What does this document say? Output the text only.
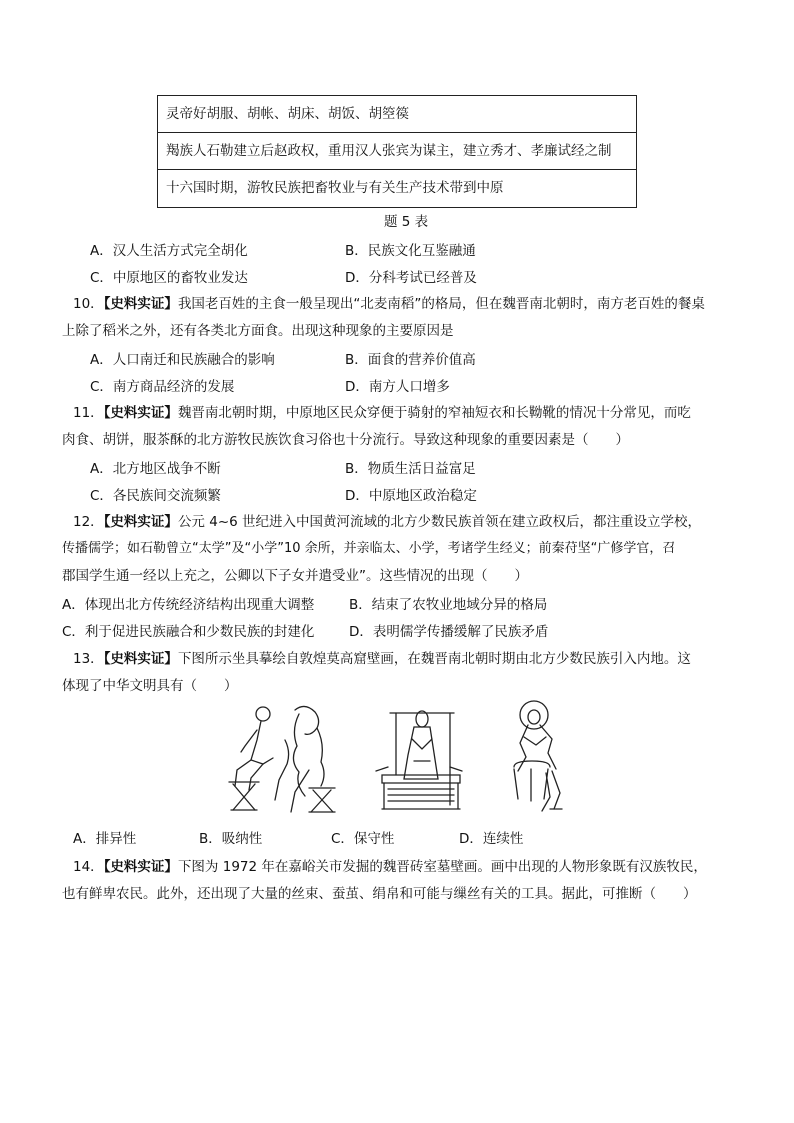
灵帝好胡服、胡帐、胡床、胡饭、胡箜篌
羯族人石勒建立后赵政权，重用汉人张宾为谋主，建立秀才、孝廉试经之制
十六国时期，游牧民族把畜牧业与有关生产技术带到中原
题 5 表
A．汉人生活方式完全胡化	B．民族文化互鉴融通
C．中原地区的畜牧业发达	D．分科考试已经普及
10．【史料实证】我国老百姓的主食一般呈现出“北麦南稻”的格局，但在魏晋南北朝时，南方老百姓的餐桌
上除了稻米之外，还有各类北方面食。出现这种现象的主要原因是
A．人口南迁和民族融合的影响	B．面食的营养价值高
C．南方商品经济的发展	D．南方人口增多
11．【史料实证】魏晋南北朝时期，中原地区民众穿便于骑射的窄袖短衣和长靿靴的情况十分常见，而吃
肉食、胡饼，服茶酥的北方游牧民族饮食习俗也十分流行。导致这种现象的重要因素是（　　）
A．北方地区战争不断	B．物质生活日益富足
C．各民族间交流频繁	D．中原地区政治稳定
12．【史料实证】公元 4~6 世纪进入中国黄河流域的北方少数民族首领在建立政权后，都注重设立学校，
传播儒学；如石勒曾立“太学”及“小学”10 余所，并亲临太、小学，考诸学生经义；前秦苻坚“广修学官，召
郡国学生通一经以上充之，公卿以下子女并遣受业”。这些情况的出现（　　）
A．体现出北方传统经济结构出现重大调整	B．结束了农牧业地域分异的格局
C．利于促进民族融合和少数民族的封建化	D．表明儒学传播缓解了民族矛盾
13．【史料实证】下图所示坐具摹绘自敦煌莫高窟壁画，在魏晋南北朝时期由北方少数民族引入内地。这
体现了中华文明具有（　　）
A．排异性	B．吸纳性	C．保守性	D．连续性
14．【史料实证】下图为 1972 年在嘉峪关市发掘的魏晋砖室墓壁画。画中出现的人物形象既有汉族牧民，
也有鲜卑农民。此外，还出现了大量的丝束、蚕茧、绢帛和可能与缫丝有关的工具。据此，可推断（　　）
